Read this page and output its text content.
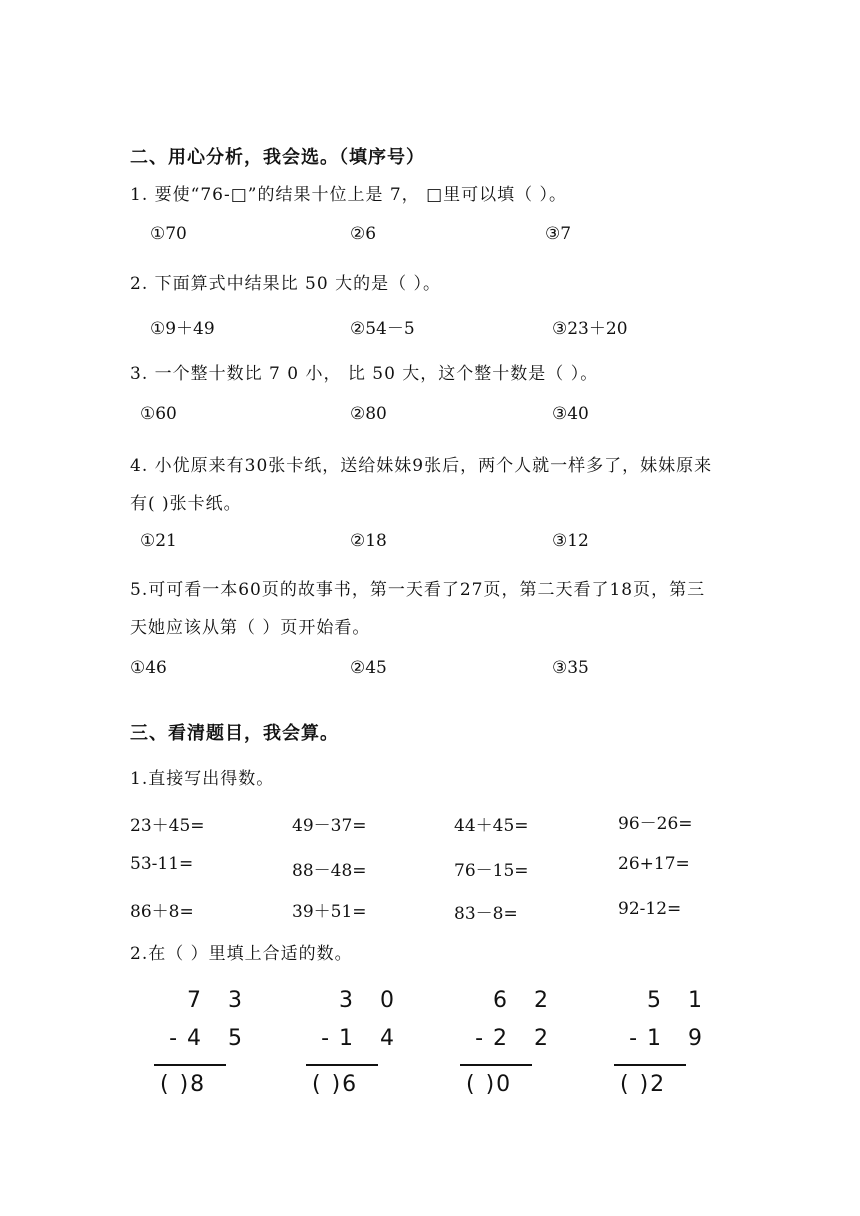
二、用心分析，我会选。（填序号）
1. 要使“76-□”的结果十位上是 7， □里可以填（ ）。
①70	②6	③7
2. 下面算式中结果比 50 大的是（ ）。
①9＋49	②54－5	③23＋20
3. 一个整十数比 7 0 小， 比 50 大，这个整十数是（ ）。
①60	②80	③40
4. 小优原来有30张卡纸，送给妹妹9张后，两个人就一样多了，妹妹原来
有( )张卡纸。
①21	②18	③12
5.可可看一本60页的故事书，第一天看了27页，第二天看了18页，第三
天她应该从第（ ）页开始看。
①46	②45	③35
三、看清题目，我会算。
1.直接写出得数。
23＋45=	49－37=	44＋45=	96－26=
53-11=	88－48=	76－15=	26+17=
86＋8=	39＋51=	83－8=	92-12=
2.在（ ）里填上合适的数。
7 3
-4 5
( )8
3 0
-1 4
( )6
6 2
-2 2
( )0
5 1
-1 9
( )2
